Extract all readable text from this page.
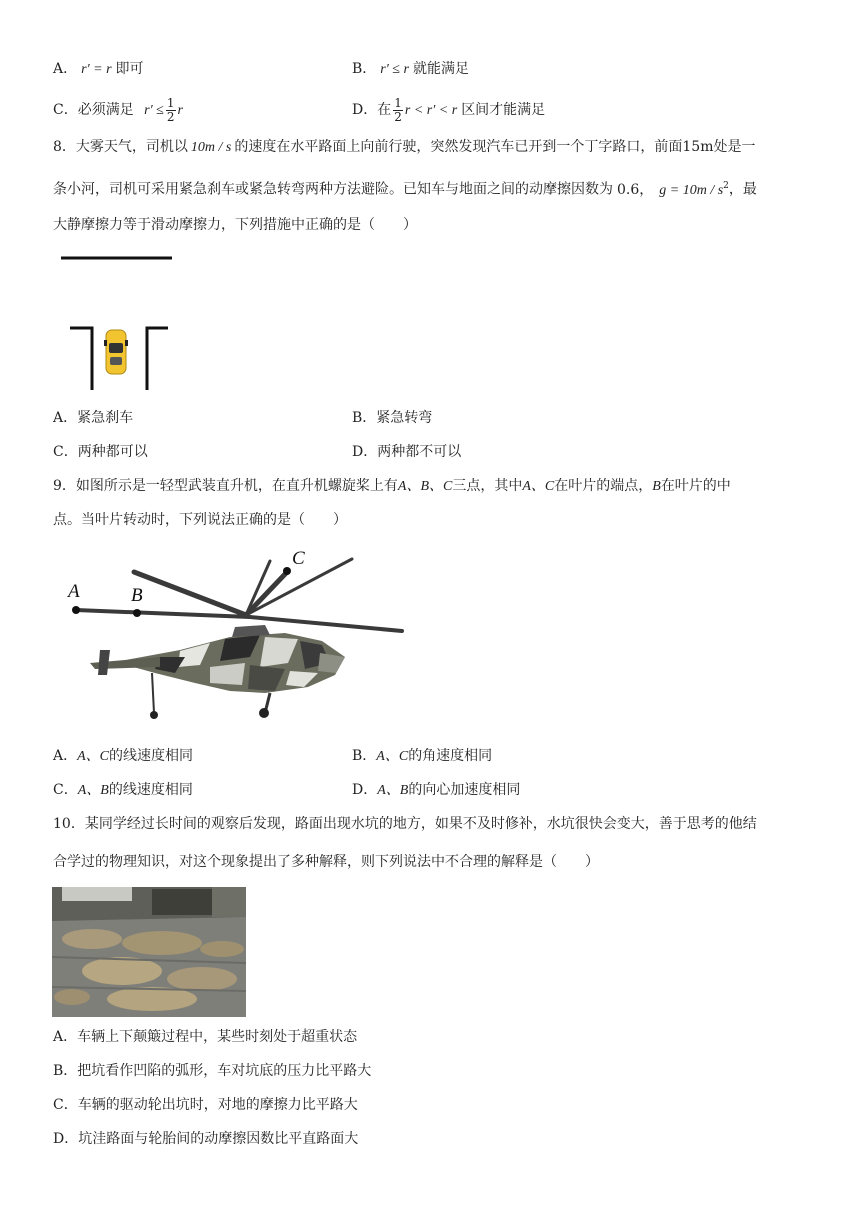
A． r′ = r 即可	B． r′ ≤ r 就能满足
C．必须满足 $r' \le \frac{1}{2}$ r	D．在 $\frac{1}{2}$ r < r′ < r 区间才能满足
8．大雾天气，司机以 10m / s 的速度在水平路面上向前行驶，突然发现汽车已开到一个丁字路口，前面15m处是一
条小河，司机可采用紧急刹车或紧急转弯两种方法避险。已知车与地面之间的动摩擦因数为 0.6， $g = 10m / s^2$，最
大静摩擦力等于滑动摩擦力，下列措施中正确的是（　　）
A．紧急刹车	B．紧急转弯
C．两种都可以	D．两种都不可以
9．如图所示是一轻型武装直升机，在直升机螺旋桨上有A、B、C三点，其中A、C在叶片的端点，B在叶片的中
点。当叶片转动时，下列说法正确的是（　　）
A	B
C
A．A、C的线速度相同	B．A、C的角速度相同
C．A、B的线速度相同	D．A、B的向心加速度相同
10．某同学经过长时间的观察后发现，路面出现水坑的地方，如果不及时修补，水坑很快会变大，善于思考的他结
合学过的物理知识，对这个现象提出了多种解释，则下列说法中不合理的解释是（　　）
A．车辆上下颠簸过程中，某些时刻处于超重状态
B．把坑看作凹陷的弧形，车对坑底的压力比平路大
C．车辆的驱动轮出坑时，对地的摩擦力比平路大
D．坑洼路面与轮胎间的动摩擦因数比平直路面大
